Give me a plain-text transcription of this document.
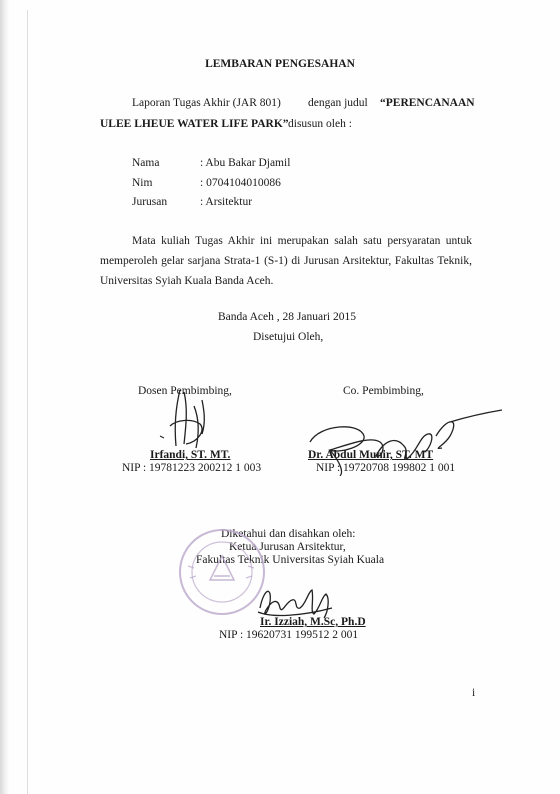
LEMBARAN PENGESAHAN
Laporan Tugas Akhir (JAR 801) dengan judul “PERENCANAAN
ULEE LHEUE WATER LIFE PARK” disusun oleh :
Nama	: Abu Bakar Djamil
Nim	: 0704104010086
Jurusan	: Arsitektur
Mata kuliah Tugas Akhir ini merupakan salah satu persyaratan untuk
memperoleh gelar sarjana Strata-1 (S-1) di Jurusan Arsitektur, Fakultas Teknik,
Universitas Syiah Kuala Banda Aceh.
Banda Aceh , 28 Januari 2015
Disetujui Oleh,
Dosen Pembimbing,
Irfandi, ST. MT.
NIP : 19781223 200212 1 003
Co. Pembimbing,
Dr. Abdul Munir, ST. MT
NIP : 19720708 199802 1 001
Diketahui dan disahkan oleh:
Ketua Jurusan Arsitektur,
Fakultas Teknik Universitas Syiah Kuala
Ir. Izziah, M.Sc, Ph.D
NIP : 19620731 199512 2 001
i
